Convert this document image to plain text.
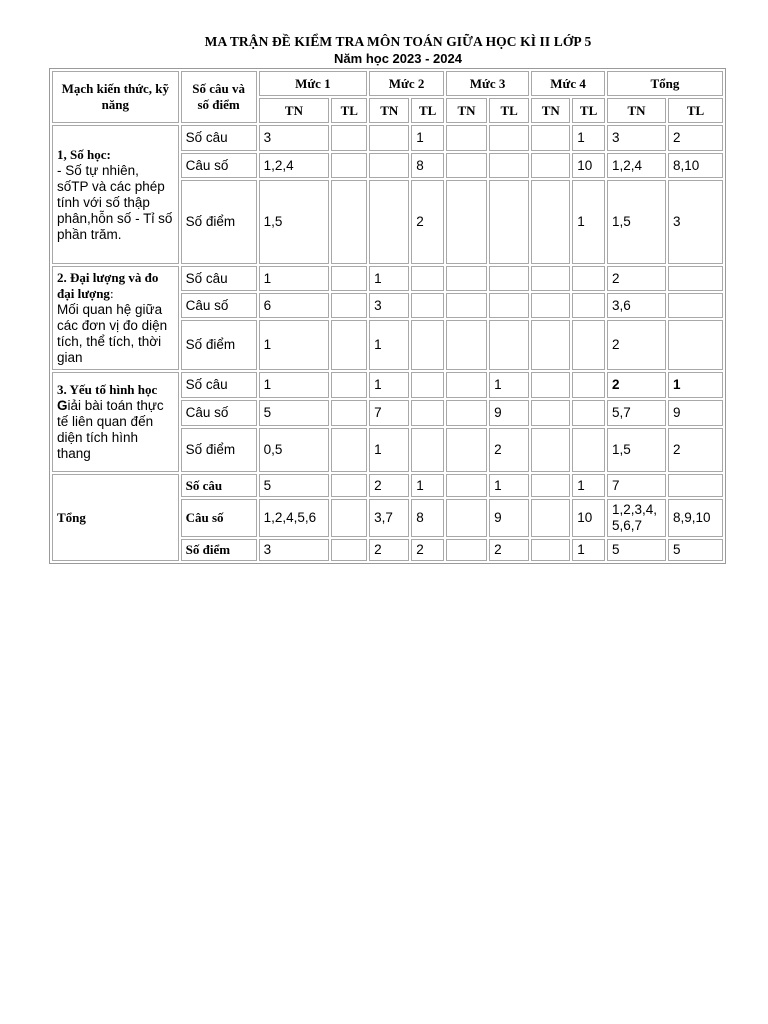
MA TRẬN ĐỀ KIỂM TRA MÔN TOÁN GIỮA HỌC KÌ II LỚP 5
Năm học 2023 - 2024
Mạch kiến thức, kỹ năng	Số câu và số điểm	Mức 1		Mức 2		Mức 3		Mức 4		Tổng	
		TN	TL	TN	TL	TN	TL	TN	TL	TN	TL

1, Số học:
- Số tự nhiên, sốTP và các phép tính với số thập phân,hỗn số - Tỉ số phần trăm.	Số câu	3			1				1	3	2
	Câu số	1,2,4			8				10	1,2,4	8,10
	Số điểm	1,5			2				1	1,5	3

2. Đại lượng và đo đại lượng:
Mối quan hệ giữa các đơn vị đo diện tích, thể tích, thời gian	Số câu	1		1						2	
	Câu số	6		3						3,6	
	Số điểm	1		1						2	

3. Yếu tố hình học
Giải bài toán thực tế liên quan đến diện tích hình thang	Số câu	1		1			1			2	1
	Câu số	5		7			9			5,7	9
	Số điểm	0,5		1			2			1,5	2
Tổng	Số câu	5		2	1		1		1	7	
	Câu số	1,2,4,5,6		3,7	8		9		10	1,2,3,4, 5,6,7	8,9,10
	Số điểm	3		2	2		2		1	5	5
